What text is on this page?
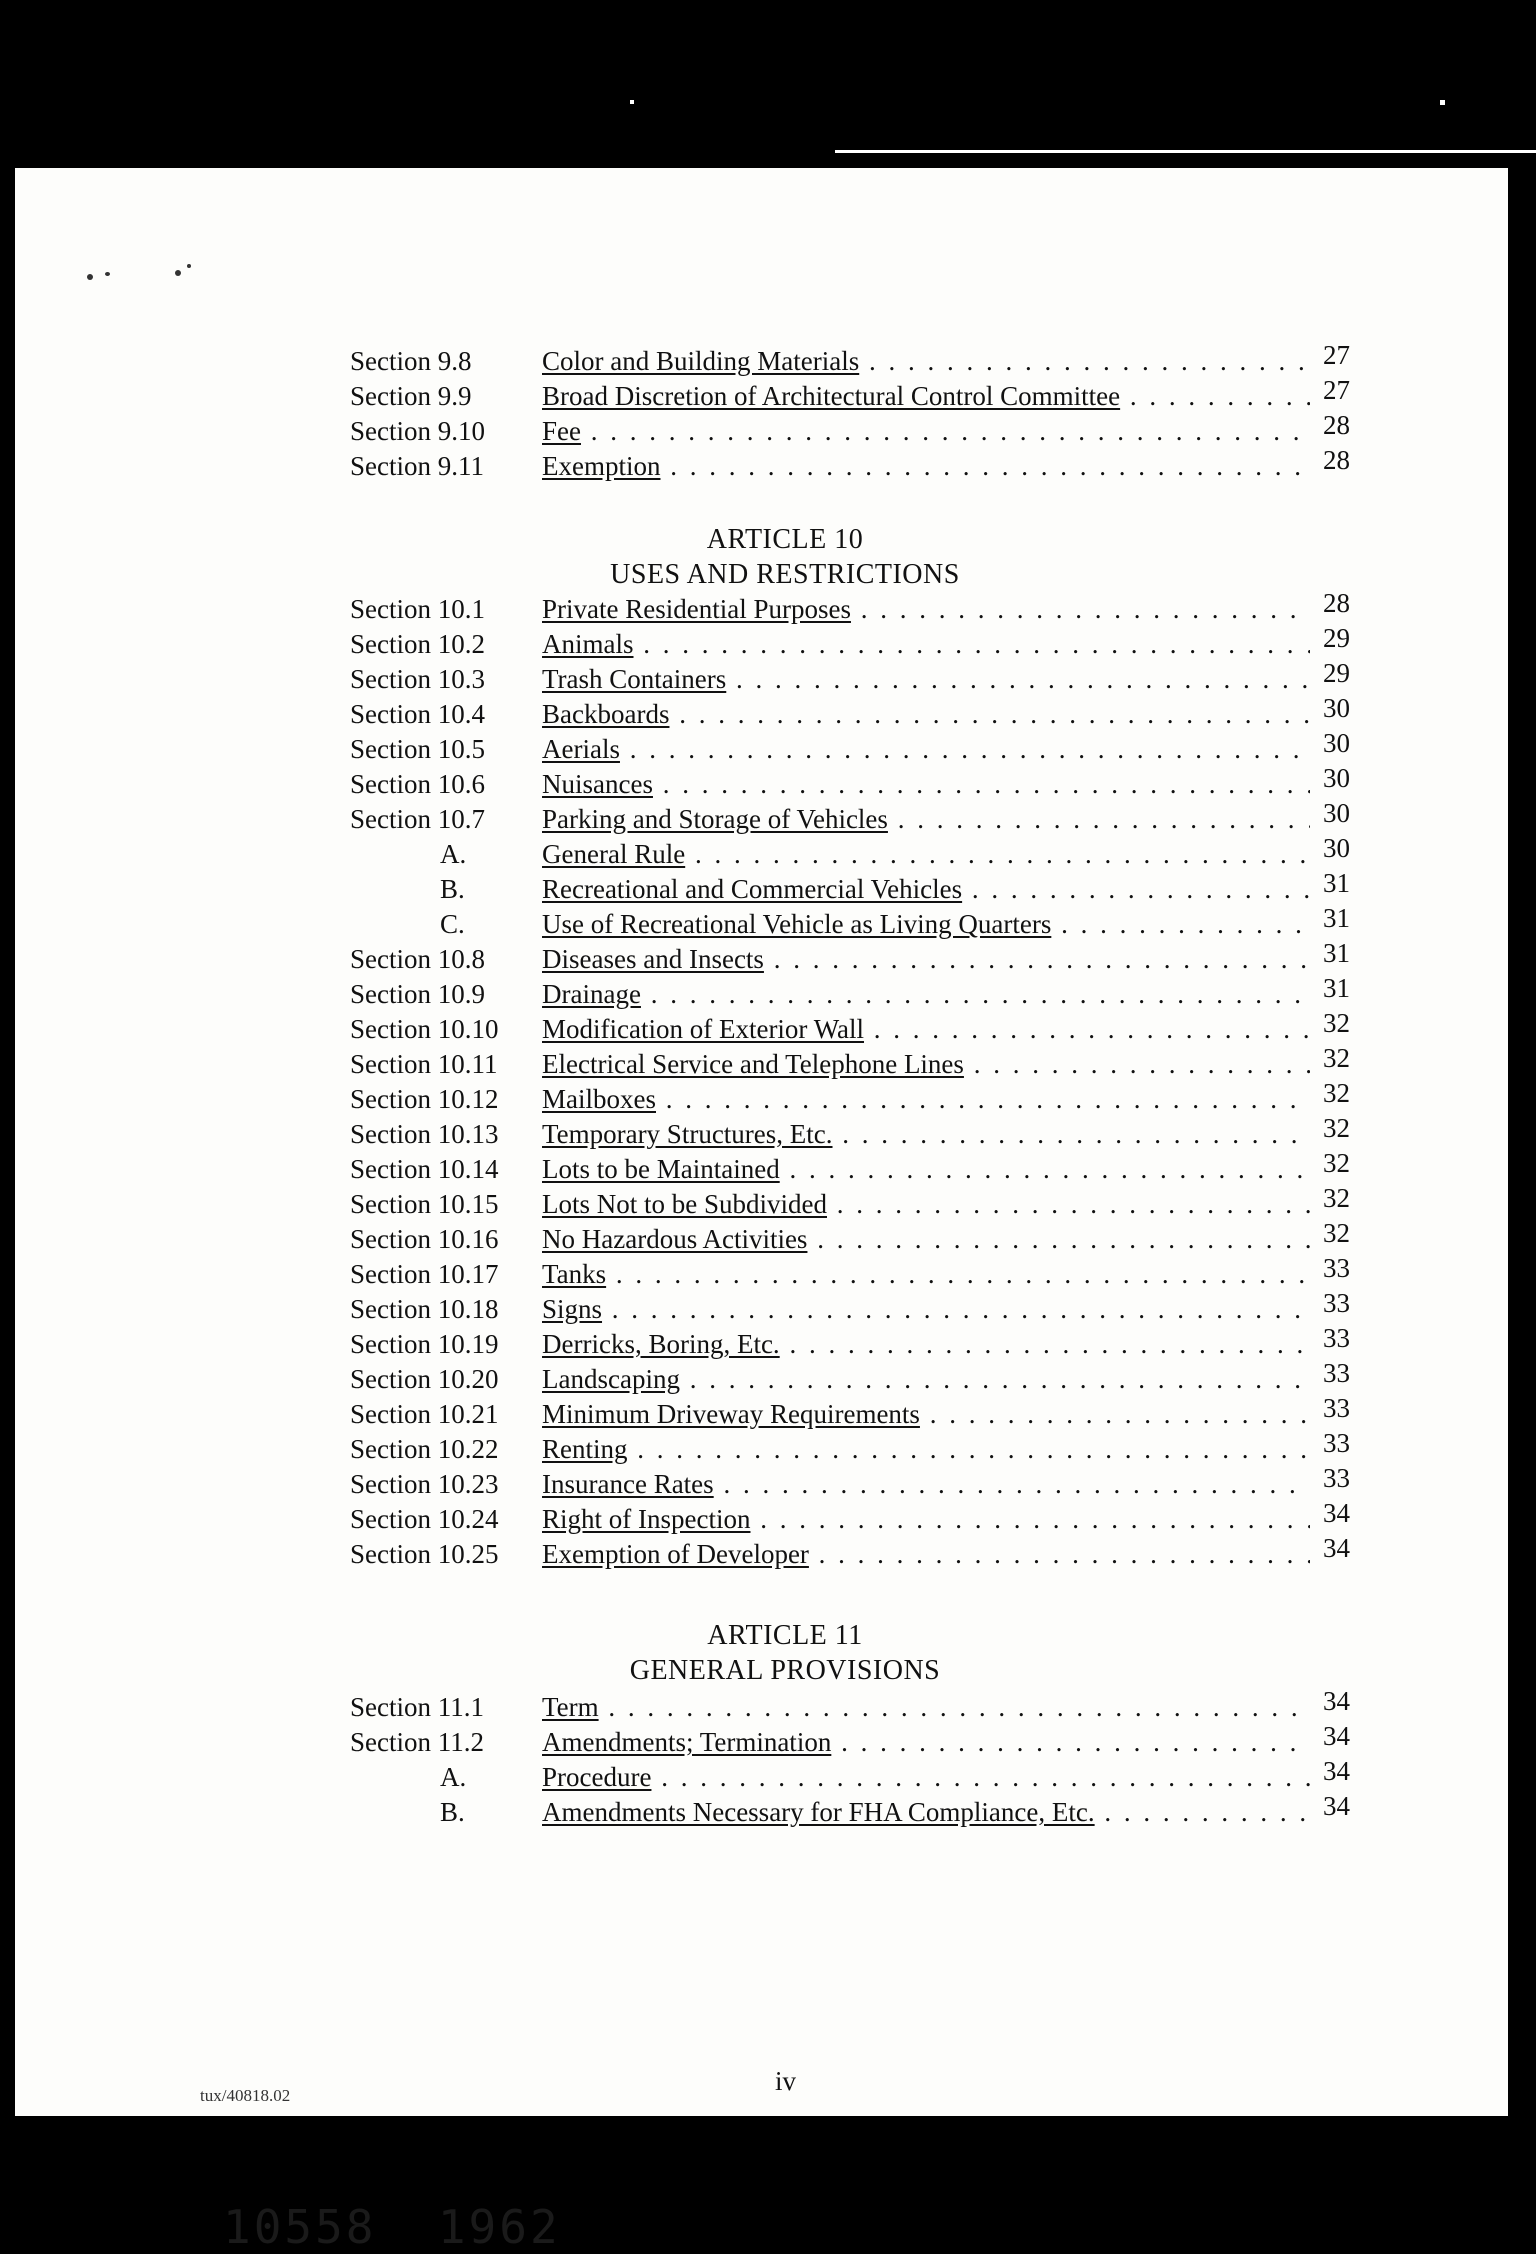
Section 9.8	Color and Building Materials . . .	27
Section 9.9	Broad Discretion of Architectural Control Committee . . .	27
Section 9.10 Fee . . .	28
Section 9.11 Exemption . . .	28
ARTICLE 10
USES AND RESTRICTIONS
Section 10.1 Private Residential Purposes . . .	28
Section 10.2 Animals . . .	29
Section 10.3 Trash Containers . . .	29
Section 10.4 Backboards . . .	30
Section 10.5 Aerials . . .	30
Section 10.6 Nuisances . . .	30
Section 10.7 Parking and Storage of Vehicles . . .	30
A.	General Rule . . .	30
B.	Recreational and Commercial Vehicles . . .	31
C.	Use of Recreational Vehicle as Living Quarters . . .	31
Section 10.8 Diseases and Insects . . .	31
Section 10.9 Drainage . . .	31
Section 10.10 Modification of Exterior Wall . . .	32
Section 10.11 Electrical Service and Telephone Lines . . .	32
Section 10.12 Mailboxes . . .	32
Section 10.13 Temporary Structures, Etc. . . .	32
Section 10.14 Lots to be Maintained . . .	32
Section 10.15 Lots Not to be Subdivided . . .	32
Section 10.16 No Hazardous Activities . . .	32
Section 10.17 Tanks . . .	33
Section 10.18 Signs . . .	33
Section 10.19 Derricks, Boring, Etc. . . .	33
Section 10.20 Landscaping . . .	33
Section 10.21 Minimum Driveway Requirements . . .	33
Section 10.22 Renting . . .	33
Section 10.23 Insurance Rates . . .	33
Section 10.24 Right of Inspection . . .	34
Section 10.25 Exemption of Developer . . .	34
ARTICLE 11
GENERAL PROVISIONS
Section 11.1 Term . . .	34
Section 11.2 Amendments; Termination . . .	34
A.	Procedure . . .	34
B.	Amendments Necessary for FHA Compliance, Etc. . . .	34
tux/40818.02	iv
10558  1962
